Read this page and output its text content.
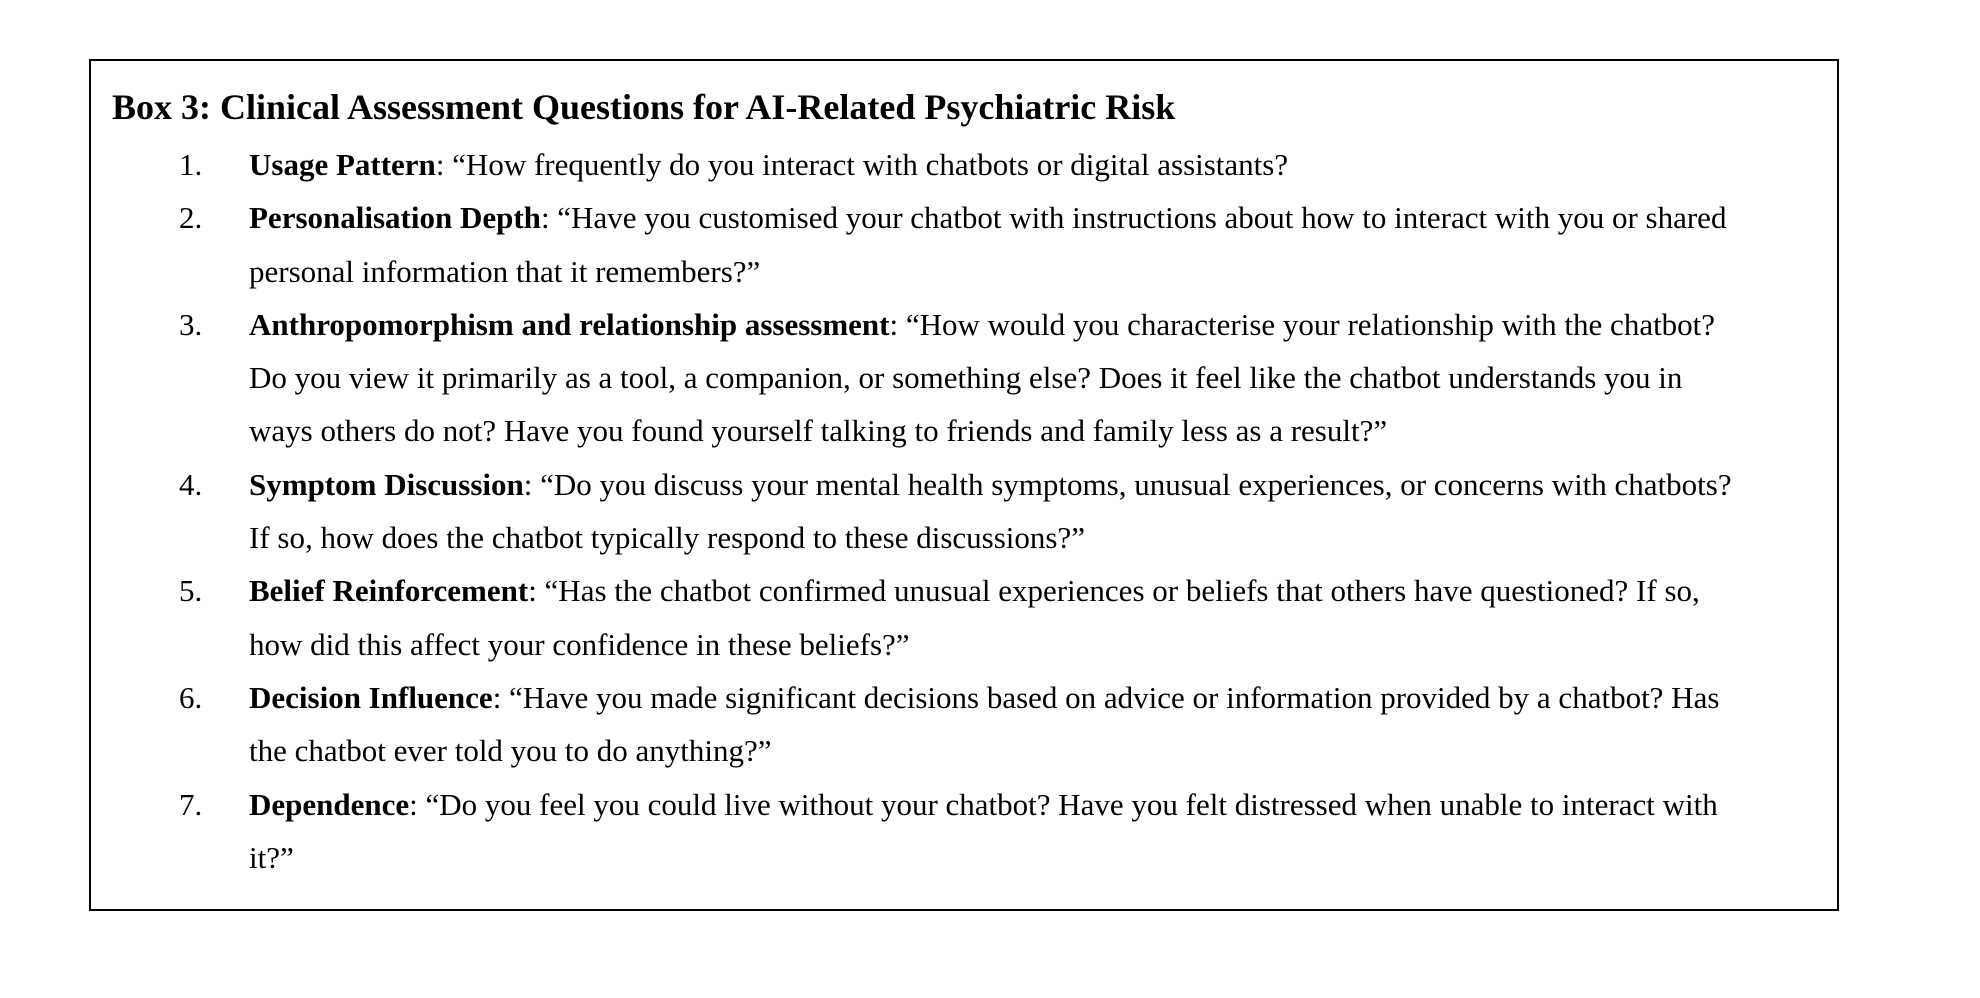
Box 3: Clinical Assessment Questions for AI-Related Psychiatric Risk
1. Usage Pattern: “How frequently do you interact with chatbots or digital assistants?
2. Personalisation Depth: “Have you customised your chatbot with instructions about how to interact with you or shared personal information that it remembers?”
3. Anthropomorphism and relationship assessment: “How would you characterise your relationship with the chatbot? Do you view it primarily as a tool, a companion, or something else? Does it feel like the chatbot understands you in ways others do not? Have you found yourself talking to friends and family less as a result?”
4. Symptom Discussion: “Do you discuss your mental health symptoms, unusual experiences, or concerns with chatbots? If so, how does the chatbot typically respond to these discussions?”
5. Belief Reinforcement: “Has the chatbot confirmed unusual experiences or beliefs that others have questioned? If so, how did this affect your confidence in these beliefs?”
6. Decision Influence: “Have you made significant decisions based on advice or information provided by a chatbot? Has the chatbot ever told you to do anything?”
7. Dependence: “Do you feel you could live without your chatbot? Have you felt distressed when unable to interact with it?”
